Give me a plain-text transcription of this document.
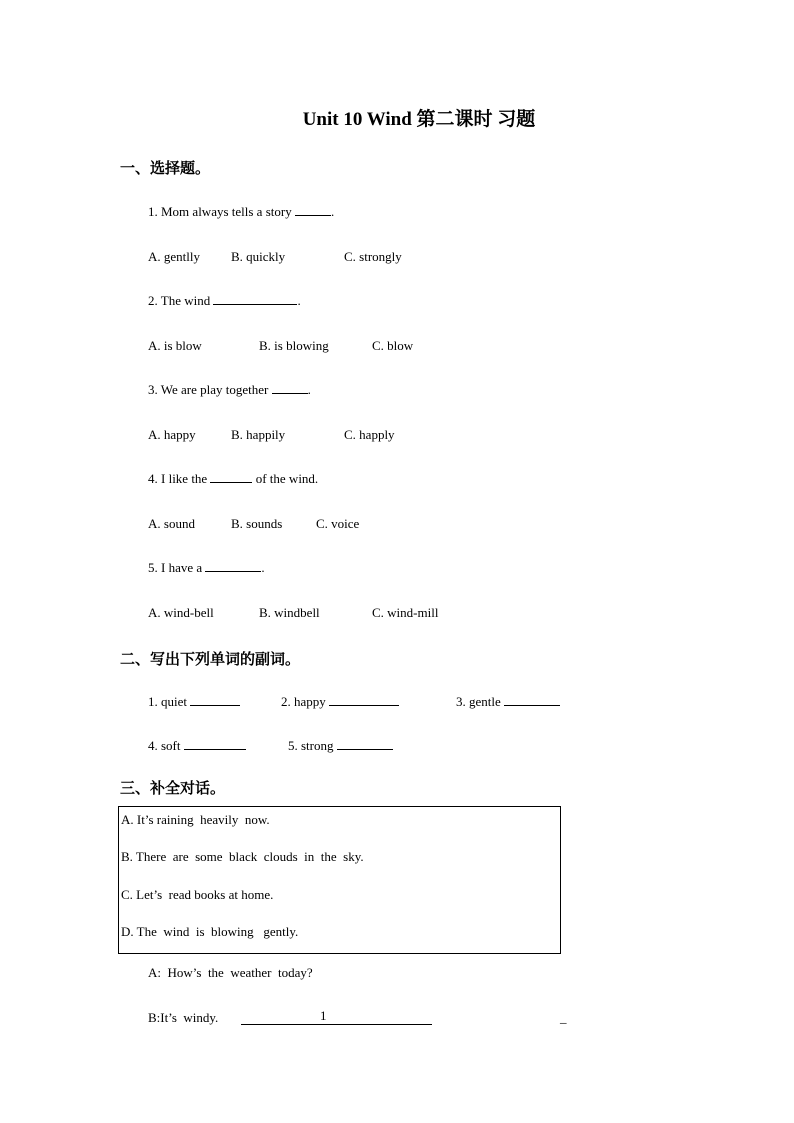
Unit 10 Wind 第二课时 习题
一、选择题。
1. Mom always tells a story	.
A. gentlly B. quickly	C. strongly
2. The wind	.
A. is blow	B. is blowing	C. blow
3. We are play together	.
A. happy	B. happily	C. happly
4. I like the	of the wind.
A. sound	B. sounds	C. voice
5. I have a	.
A. wind-bell	B. windbell	C. wind-mill
二、写出下列单词的副词。
1. quiet	2. happy	3. gentle
4. soft	5. strong
三、补全对话。
A. It’s raining  heavily  now.
B. There  are  some  black  clouds  in  the  sky.
C. Let’s  read books at home.
D. The  wind  is  blowing   gently.
A:  How’s  the  weather  today?
B:It’s  windy.	1	_
